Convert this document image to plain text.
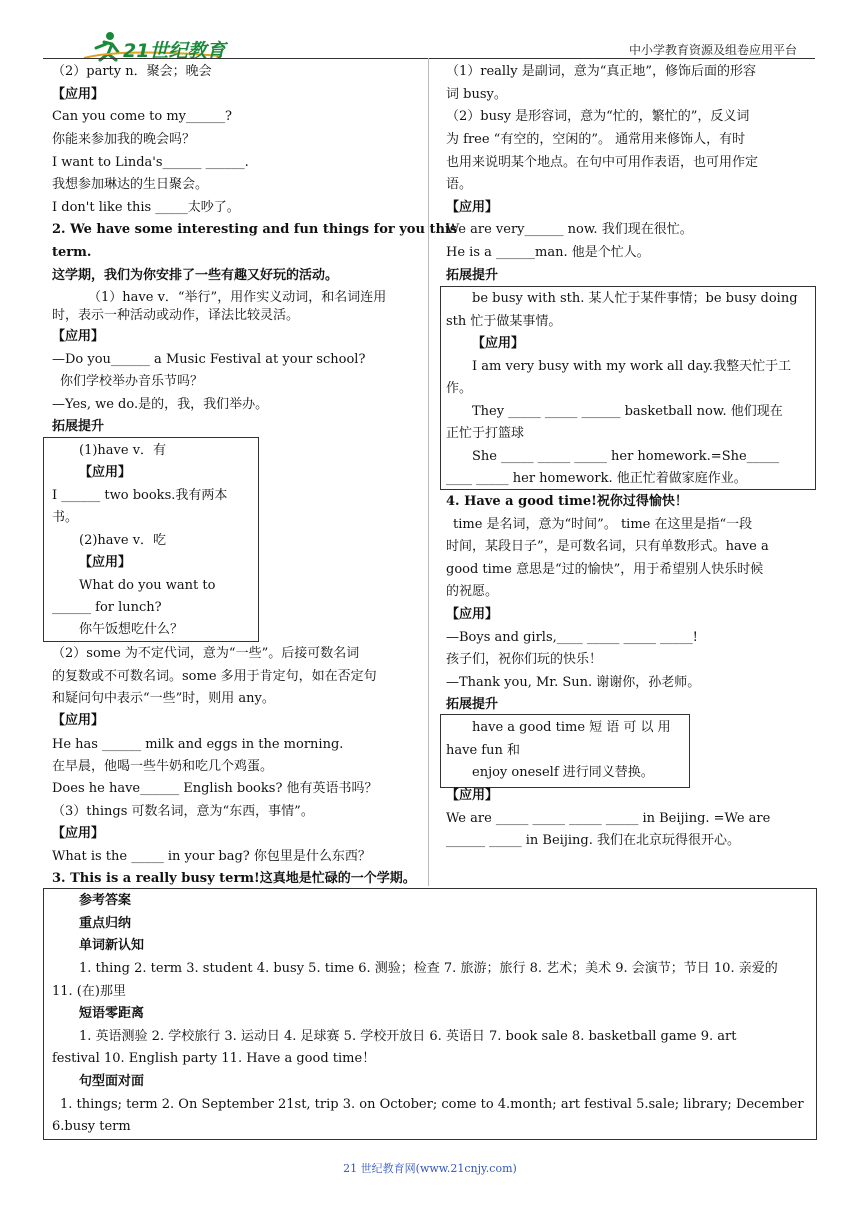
21世纪教育	中小学教育资源及组卷应用平台
（2）party n．聚会；晚会
【应用】
Can you come to my______?
你能来参加我的晚会吗？
I want to Linda's______ ______.
我想参加琳达的生日聚会。
I don't like this _____太吵了。
2. We have some interesting and fun things for you this
term.
这学期，我们为你安排了一些有趣又好玩的活动。
（1）have v．“举行”，用作实义动词，和名词连用
时，表示一种活动或动作，译法比较灵活。
【应用】
—Do you______ a Music Festival at your school?
你们学校举办音乐节吗？
—Yes, we do.是的，我，我们举办。
拓展提升
(1)have v．有
【应用】
I ______ two books.我有两本
书。
(2)have v．吃
【应用】
What do you want to
______ for lunch?
你午饭想吃什么？
（2）some 为不定代词，意为“一些”。后接可数名词
的复数或不可数名词。some 多用于肯定句，如在否定句
和疑问句中表示“一些”时，则用 any。
【应用】
He has ______ milk and eggs in the morning.
在早晨，他喝一些牛奶和吃几个鸡蛋。
Does he have______ English books? 他有英语书吗？
（3）things 可数名词，意为“东西，事情”。
【应用】
What is the _____ in your bag? 你包里是什么东西？
3. This is a really busy term!这真地是忙碌的一个学期。
（1）really 是副词，意为“真正地”，修饰后面的形容
词 busy。
（2）busy 是形容词，意为“忙的，繁忙的”，反义词
为 free “有空的，空闲的”。 通常用来修饰人，有时
也用来说明某个地点。在句中可用作表语，也可用作定
语。
【应用】
We are very______ now. 我们现在很忙。
He is a ______man. 他是个忙人。
拓展提升
be busy with sth. 某人忙于某件事情；be busy doing
sth 忙于做某事情。
【应用】
I am very busy with my work all day.我整天忙于工
作。
They _____ _____ ______ basketball now. 他们现在
正忙于打篮球
She _____ _____ _____ her homework.=She_____
____ _____ her homework. 他正忙着做家庭作业。
4. Have a good time!祝你过得愉快！
time 是名词，意为“时间”。 time 在这里是指“一段
时间，某段日子”，是可数名词，只有单数形式。have a
good time 意思是“过的愉快”，用于希望别人快乐时候
的祝愿。
【应用】
—Boys and girls,____ _____ _____ _____!
孩子们，祝你们玩的快乐！
—Thank you, Mr. Sun. 谢谢你，孙老师。
拓展提升
have a good time 短 语 可 以 用
have fun 和
enjoy oneself 进行同义替换。
【应用】
We are _____ _____ _____ _____ in Beijing. =We are
______ _____ in Beijing. 我们在北京玩得很开心。
参考答案
重点归纳
单词新认知
1. thing 2. term 3. student 4. busy 5. time 6. 测验；检查 7. 旅游；旅行 8. 艺术；美术 9. 会演节；节日 10. 亲爱的
11. (在)那里
短语零距离
1. 英语测验 2. 学校旅行 3. 运动日 4. 足球赛 5. 学校开放日 6. 英语日 7. book sale 8. basketball game 9. art
festival 10. English party 11. Have a good time！
句型面对面
1. things; term 2. On September 21st, trip 3. on October; come to 4.month; art festival 5.sale; library; December
6.busy term
21 世纪教育网(www.21cnjy.com)
